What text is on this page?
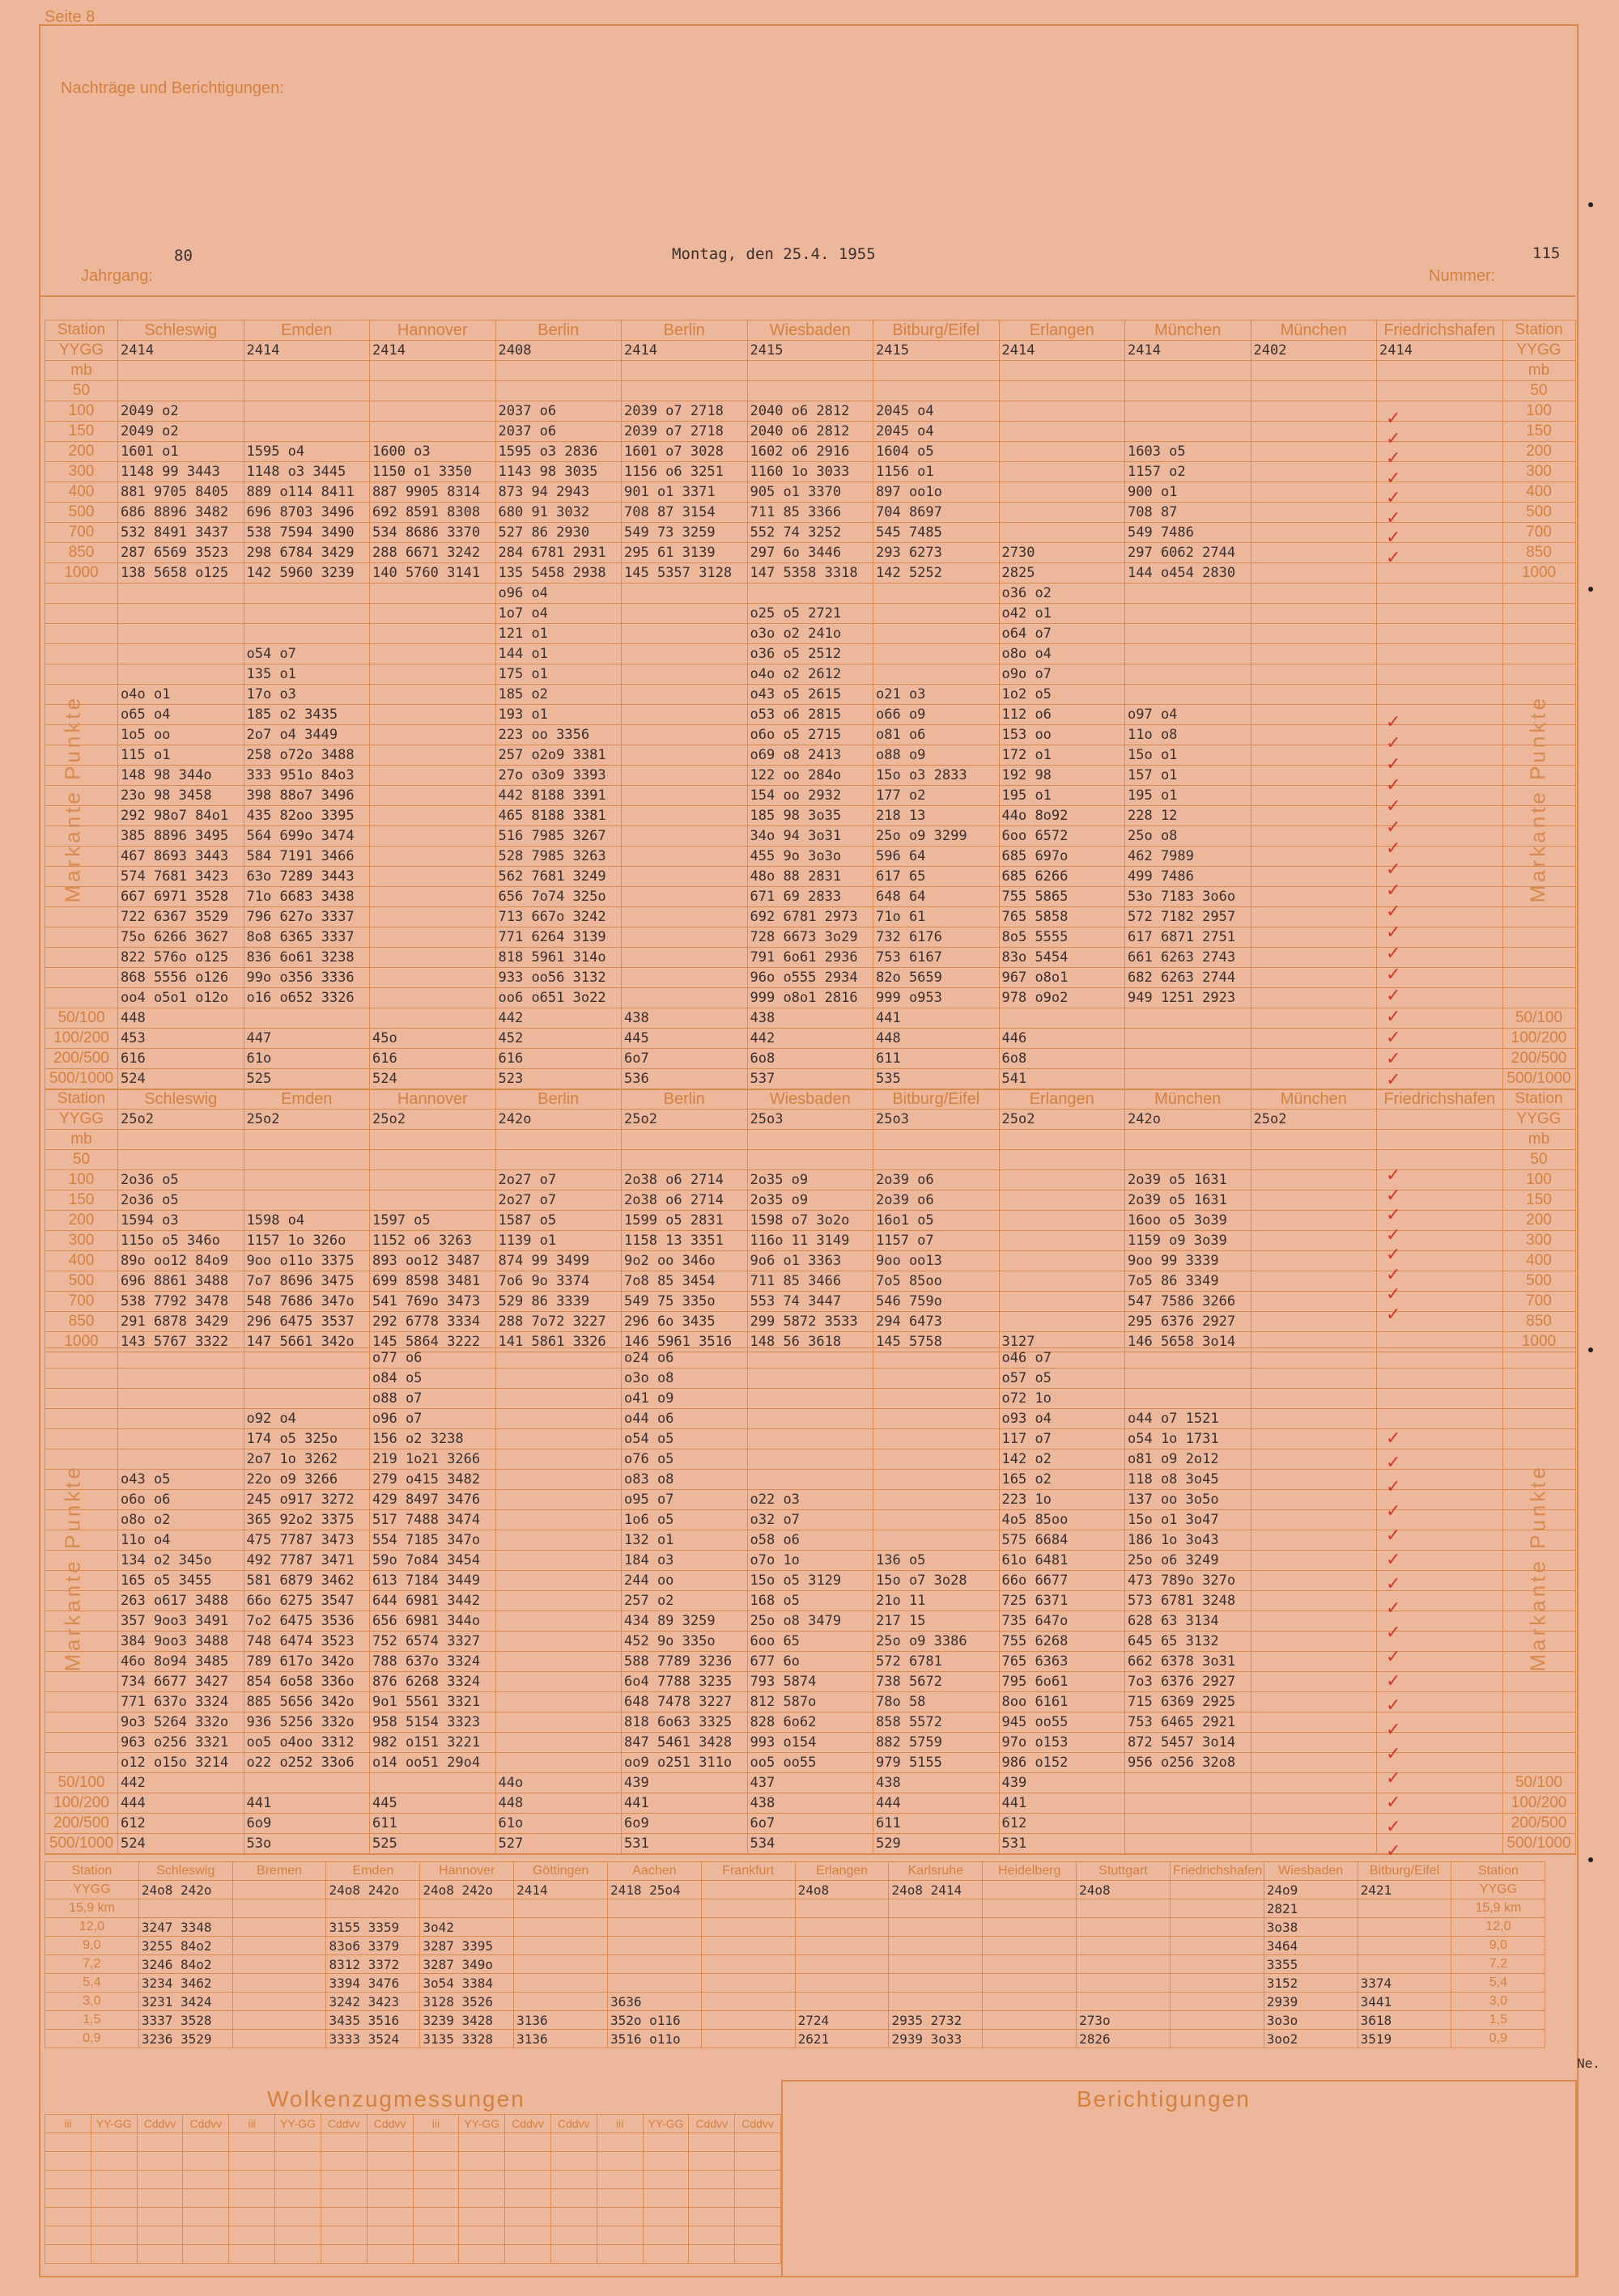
Seite 8
Nachträge und Berichtigungen:
Jahrgang:
80	Montag, den 25.4. 1955
Nummer:
115
Markante Punkte	Markante Punkte
Markante Punkte	Markante Punkte
Station	Schleswig	Emden	Hannover	Berlin	Berlin	Wiesbaden	Bitburg/Eifel	Erlangen	München	München	Friedrichshafen	Station
YYGG	2414	2414	2414	2408	2414	2415	2415	2414	2414	2402	2414	YYGG
mb												mb
50												50
100	2049 o2			2037 o6	2039 o7 2718	2040 o6 2812	2045 o4					100
150	2049 o2			2037 o6	2039 o7 2718	2040 o6 2812	2045 o4					150
200	1601 o1	1595 o4	1600 o3	1595 o3 2836	1601 o7 3028	1602 o6 2916	1604 o5		1603 o5			200
300	1148 99 3443	1148 o3 3445	1150 o1 3350	1143 98 3035	1156 o6 3251	1160 1o 3033	1156 o1		1157 o2			300
400	881 9705 8405	889 o114 8411	887 9905 8314	873 94 2943	901 o1 3371	905 o1 3370	897 oo1o		900 o1			400
500	686 8896 3482	696 8703 3496	692 8591 8308	680 91 3032	708 87 3154	711 85 3366	704 8697		708 87			500
700	532 8491 3437	538 7594 3490	534 8686 3370	527 86 2930	549 73 3259	552 74 3252	545 7485		549 7486			700
850	287 6569 3523	298 6784 3429	288 6671 3242	284 6781 2931	295 61 3139	297 6o 3446	293 6273	2730	297 6062 2744			850
1000	138 5658 o125	142 5960 3239	140 5760 3141	135 5458 2938	145 5357 3128	147 5358 3318	142 5252	2825	144 o454 2830			1000
				o96 o4				o36 o2				
				1o7 o4		o25 o5 2721		o42 o1				
				121 o1		o3o o2 241o		o64 o7				
		o54 o7		144 o1		o36 o5 2512		o8o o4				
		135 o1		175 o1		o4o o2 2612		o9o o7				
	o4o o1	17o o3		185 o2		o43 o5 2615	o21 o3	1o2 o5				
	o65 o4	185 o2 3435		193 o1		o53 o6 2815	o66 o9	112 o6	o97 o4			
	1o5 oo	2o7 o4 3449		223 oo 3356		o6o o5 2715	o81 o6	153 oo	11o o8			
	115 o1	258 o72o 3488		257 o2o9 3381		o69 o8 2413	o88 o9	172 o1	15o o1			
	148 98 344o	333 951o 84o3		27o o3o9 3393		122 oo 284o	15o o3 2833	192 98	157 o1			
	23o 98 3458	398 88o7 3496		442 8188 3391		154 oo 2932	177 o2	195 o1	195 o1			
	292 98o7 84o1	435 82oo 3395		465 8188 3381		185 98 3o35	218 13	44o 8o92	228 12			
	385 8896 3495	564 699o 3474		516 7985 3267		34o 94 3o31	25o o9 3299	6oo 6572	25o o8			
	467 8693 3443	584 7191 3466		528 7985 3263		455 9o 3o3o	596 64	685 697o	462 7989			
	574 7681 3423	63o 7289 3443		562 7681 3249		48o 88 2831	617 65	685 6266	499 7486			
	667 6971 3528	71o 6683 3438		656 7o74 325o		671 69 2833	648 64	755 5865	53o 7183 3o6o			
	722 6367 3529	796 627o 3337		713 667o 3242		692 6781 2973	71o 61	765 5858	572 7182 2957			
	75o 6266 3627	8o8 6365 3337		771 6264 3139		728 6673 3o29	732 6176	8o5 5555	617 6871 2751			
	822 576o o125	836 6o61 3238		818 5961 314o		791 6o61 2936	753 6167	83o 5454	661 6263 2743			
	868 5556 o126	99o o356 3336		933 oo56 3132		96o o555 2934	82o 5659	967 o8o1	682 6263 2744			
	oo4 o5o1 o12o	o16 o652 3326		oo6 o651 3o22		999 o8o1 2816	999 o953	978 o9o2	949 1251 2923			
50/100	448			442	438	438	441					50/100
100/200	453	447	45o	452	445	442	448	446				100/200
200/500	616	61o	616	616	6o7	6o8	611	6o8				200/500
500/1000	524	525	524	523	536	537	535	541				500/1000
Station	Schleswig	Emden	Hannover	Berlin	Berlin	Wiesbaden	Bitburg/Eifel	Erlangen	München	München	Friedrichshafen	Station
YYGG	25o2	25o2	25o2	242o	25o2	25o3	25o3	25o2	242o	25o2		YYGG
mb												mb
50												50
100	2o36 o5			2o27 o7	2o38 o6 2714	2o35 o9	2o39 o6		2o39 o5 1631			100
150	2o36 o5			2o27 o7	2o38 o6 2714	2o35 o9	2o39 o6		2o39 o5 1631			150
200	1594 o3	1598 o4	1597 o5	1587 o5	1599 o5 2831	1598 o7 3o2o	16o1 o5		16oo o5 3o39			200
300	115o o5 346o	1157 1o 326o	1152 o6 3263	1139 o1	1158 13 3351	116o 11 3149	1157 o7		1159 o9 3o39			300
400	89o oo12 84o9	9oo o11o 3375	893 oo12 3487	874 99 3499	9o2 oo 346o	9o6 o1 3363	9oo oo13		9oo 99 3339			400
500	696 8861 3488	7o7 8696 3475	699 8598 3481	7o6 9o 3374	7o8 85 3454	711 85 3466	7o5 85oo		7o5 86 3349			500
700	538 7792 3478	548 7686 347o	541 769o 3473	529 86 3339	549 75 335o	553 74 3447	546 759o		547 7586 3266			700
850	291 6878 3429	296 6475 3537	292 6778 3334	288 7o72 3227	296 6o 3435	299 5872 3533	294 6473		295 6376 2927			850
1000	143 5767 3322	147 5661 342o	145 5864 3222	141 5861 3326	146 5961 3516	148 56 3618	145 5758	3127	146 5658 3o14			1000
			o77 o6		o24 o6			o46 o7				
			o84 o5		o3o o8			o57 o5				
			o88 o7		o41 o9			o72 1o				
		o92 o4	o96 o7		o44 o6			o93 o4	o44 o7 1521			
		174 o5 325o	156 o2 3238		o54 o5			117 o7	o54 1o 1731			
		2o7 1o 3262	219 1o21 3266		o76 o5			142 o2	o81 o9 2o12			
	o43 o5	22o o9 3266	279 o415 3482		o83 o8			165 o2	118 o8 3o45			
	o6o o6	245 o917 3272	429 8497 3476		o95 o7	o22 o3		223 1o	137 oo 3o5o			
	o8o o2	365 92o2 3375	517 7488 3474		1o6 o5	o32 o7		4o5 85oo	15o o1 3o47			
	11o o4	475 7787 3473	554 7185 347o		132 o1	o58 o6		575 6684	186 1o 3o43			
	134 o2 345o	492 7787 3471	59o 7o84 3454		184 o3	o7o 1o	136 o5	61o 6481	25o o6 3249			
	165 o5 3455	581 6879 3462	613 7184 3449		244 oo	15o o5 3129	15o o7 3o28	66o 6677	473 789o 327o			
	263 o617 3488	66o 6275 3547	644 6981 3442		257 o2	168 o5	21o 11	725 6371	573 6781 3248			
	357 9oo3 3491	7o2 6475 3536	656 6981 344o		434 89 3259	25o o8 3479	217 15	735 647o	628 63 3134			
	384 9oo3 3488	748 6474 3523	752 6574 3327		452 9o 335o	6oo 65	25o o9 3386	755 6268	645 65 3132			
	46o 8o94 3485	789 617o 342o	788 637o 3324		588 7789 3236	677 6o	572 6781	765 6363	662 6378 3o31			
	734 6677 3427	854 6o58 336o	876 6268 3324		6o4 7788 3235	793 5874	738 5672	795 6o61	7o3 6376 2927			
	771 637o 3324	885 5656 342o	9o1 5561 3321		648 7478 3227	812 587o	78o 58	8oo 6161	715 6369 2925			
	9o3 5264 332o	936 5256 332o	958 5154 3323		818 6o63 3325	828 6o62	858 5572	945 oo55	753 6465 2921			
	963 o256 3321	oo5 o4oo 3312	982 o151 3221		847 5461 3428	993 o154	882 5759	97o o153	872 5457 3o14			
	o12 o15o 3214	o22 o252 33o6	o14 oo51 29o4		oo9 o251 311o	oo5 oo55	979 5155	986 o152	956 o256 32o8			
50/100	442			44o	439	437	438	439				50/100
100/200	444	441	445	448	441	438	444	441				100/200
200/500	612	6o9	611	61o	6o9	6o7	611	612				200/500
500/1000	524	53o	525	527	531	534	529	531				500/1000
Station	Schleswig	Bremen	Emden	Hannover	Göttingen	Aachen	Frankfurt	Erlangen	Karlsruhe	Heidelberg	Stuttgart	Friedrichshafen	Wiesbaden	Bitburg/Eifel	Station
YYGG	24o8 242o		24o8 242o	24o8 242o	2414	2418 25o4		24o8	24o8 2414		24o8		24o9	2421	YYGG
15,9 km													2821		15,9 km
12,0	3247 3348		3155 3359	3o42									3o38		12,0
9,0	3255 84o2		83o6 3379	3287 3395									3464		9,0
7,2	3246 84o2		8312 3372	3287 349o									3355		7,2
5,4	3234 3462		3394 3476	3o54 3384									3152	3374	5,4
3,0	3231 3424		3242 3423	3128 3526		3636							2939	3441	3,0
1,5	3337 3528		3435 3516	3239 3428	3136	352o o116		2724	2935 2732		273o		3o3o	3618	1,5
0,9	3236 3529		3333 3524	3135 3328	3136	3516 o11o		2621	2939 3o33		2826		3oo2	3519	0,9
iii	YY-GG	Cddvv	Cddvv	iii	YY-GG	Cddvv	Cddvv	iii	YY-GG	Cddvv	Cddvv	iii	YY-GG	Cddvv	Cddvv

✓
✓
✓
✓
✓
✓
✓
✓
✓
✓
✓
✓
✓
✓
✓
✓
✓
✓
✓
✓
✓
✓
✓
✓
✓
✓
✓
✓
✓
✓
✓
✓
✓
✓
✓
✓
✓
✓
✓
✓
✓
✓
✓
✓
✓
✓
✓
✓
✓
✓
✓
✓
Wolkenzugmessungen	Berichtigungen
Ne.
